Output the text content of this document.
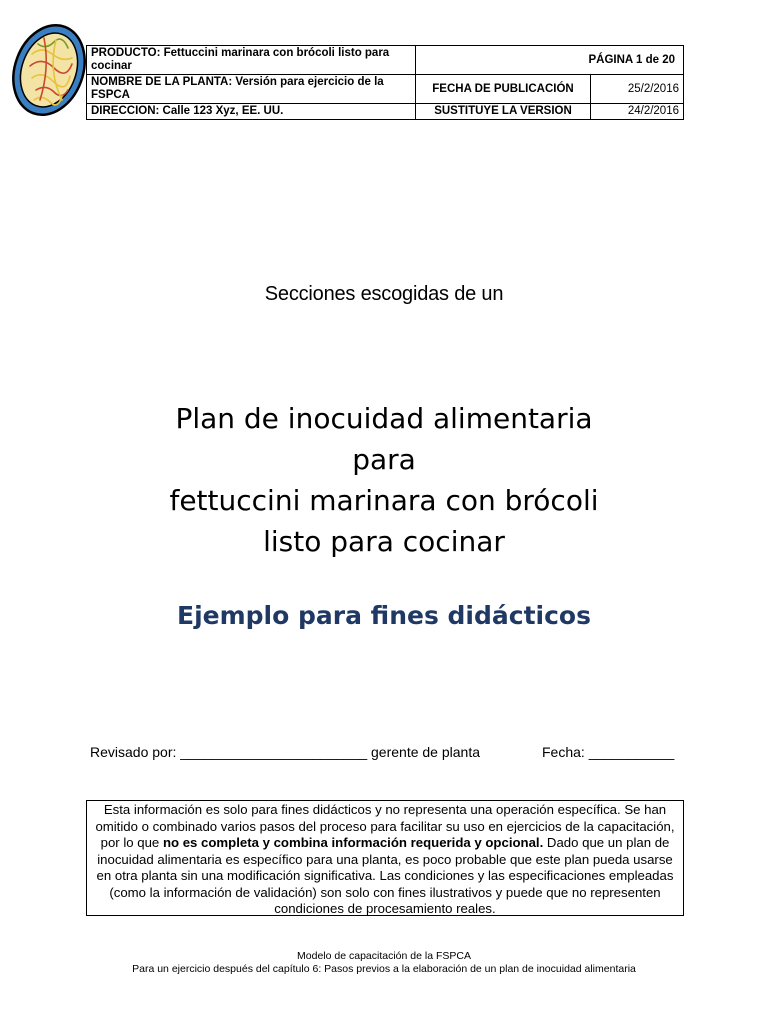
PRODUCTO: Fettuccini marinara con brócoli listo para cocinar	PÁGINA 1 de 20	
NOMBRE DE LA PLANTA: Versión para ejercicio de la FSPCA	FECHA DE PUBLICACIÓN	25/2/2016
DIRECCION: Calle 123 Xyz, EE. UU.	SUSTITUYE LA VERSION	24/2/2016
Secciones escogidas de un
Plan de inocuidad alimentaria
para
fettuccini marinara con brócoli
listo para cocinar
Ejemplo para fines didácticos
Revisado por: ________________________ gerente de planta	Fecha: ___________
Esta información es solo para fines didácticos y no representa una operación específica. Se han omitido o combinado varios pasos del proceso para facilitar su uso en ejercicios de la capacitación, por lo que no es completa y combina información requerida y opcional. Dado que un plan de inocuidad alimentaria es específico para una planta, es poco probable que este plan pueda usarse en otra planta sin una modificación significativa. Las condiciones y las especificaciones empleadas (como la información de validación) son solo con fines ilustrativos y puede que no representen condiciones de procesamiento reales.
Modelo de capacitación de la FSPCA
Para un ejercicio después del capítulo 6: Pasos previos a la elaboración de un plan de inocuidad alimentaria
